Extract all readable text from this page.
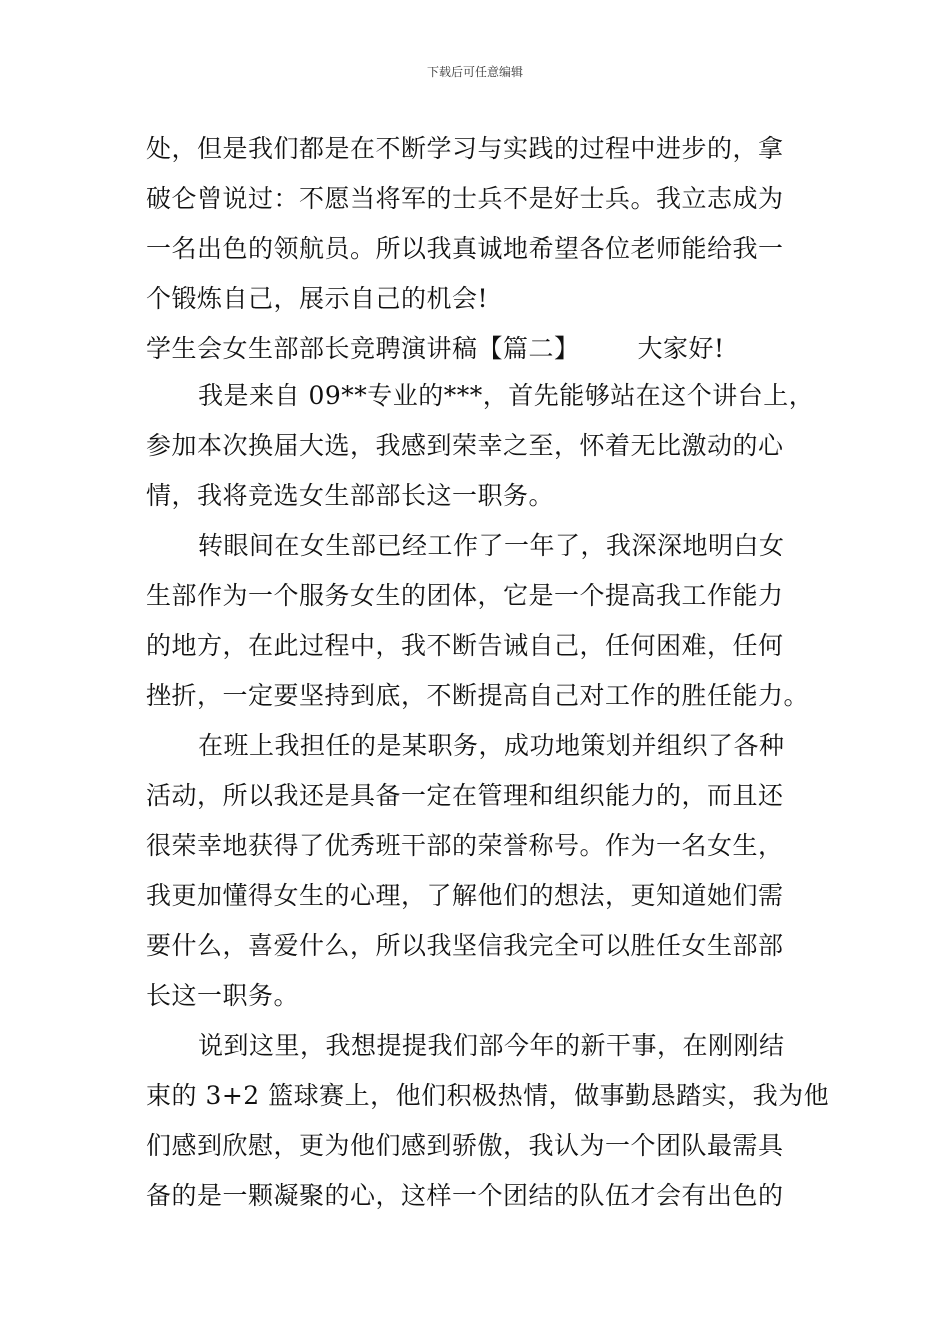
下载后可任意编辑
处，但是我们都是在不断学习与实践的过程中进步的，拿
破仑曾说过：不愿当将军的士兵不是好士兵。我立志成为
一名出色的领航员。所以我真诚地希望各位老师能给我一
个锻炼自己，展示自己的机会!
学生会女生部部长竞聘演讲稿【篇二】 大家好!
我是来自 09**专业的***，首先能够站在这个讲台上，
参加本次换届大选，我感到荣幸之至，怀着无比激动的心
情，我将竞选女生部部长这一职务。
转眼间在女生部已经工作了一年了，我深深地明白女
生部作为一个服务女生的团体，它是一个提高我工作能力
的地方，在此过程中，我不断告诫自己，任何困难，任何
挫折，一定要坚持到底，不断提高自己对工作的胜任能力。
在班上我担任的是某职务，成功地策划并组织了各种
活动，所以我还是具备一定在管理和组织能力的，而且还
很荣幸地获得了优秀班干部的荣誉称号。作为一名女生，
我更加懂得女生的心理，了解他们的想法，更知道她们需
要什么，喜爱什么，所以我坚信我完全可以胜任女生部部
长这一职务。
说到这里，我想提提我们部今年的新干事，在刚刚结
束的 3+2 篮球赛上，他们积极热情，做事勤恳踏实，我为他
们感到欣慰，更为他们感到骄傲，我认为一个团队最需具
备的是一颗凝聚的心，这样一个团结的队伍才会有出色的
